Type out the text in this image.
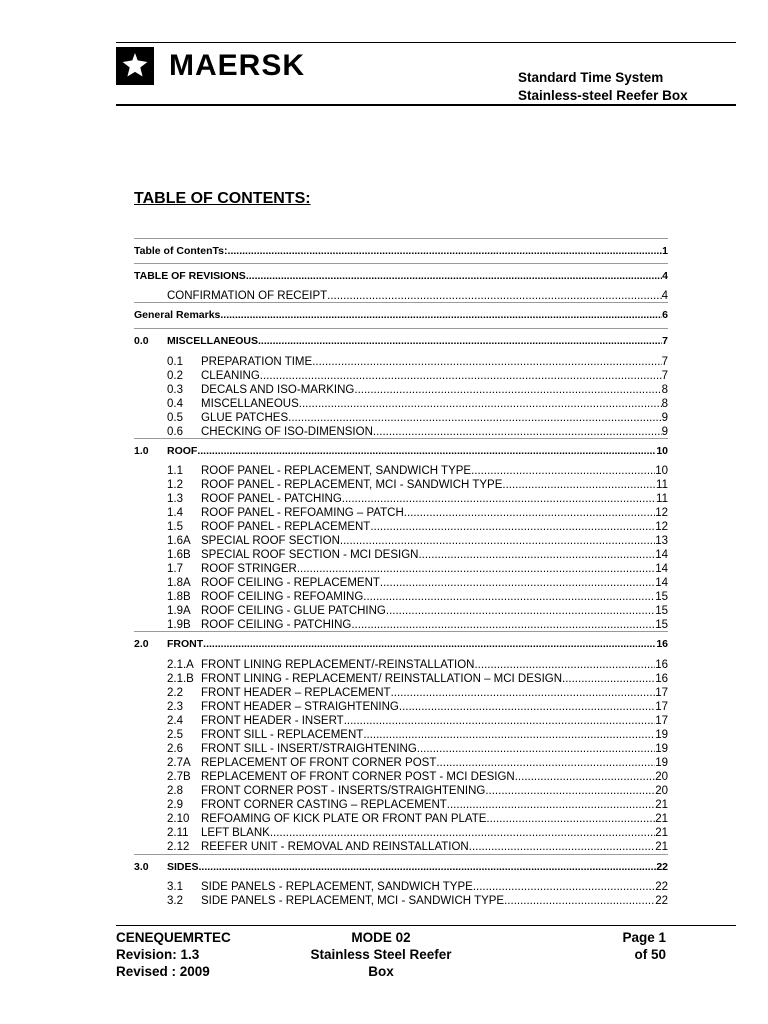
MAERSK	Standard Time System
Stainless-steel Reefer Box
TABLE OF CONTENTS:
Table of ContenTs: .....	1
TABLE OF REVISIONS .....	4
CONFIRMATION OF RECEIPT .....	4
General Remarks .....	6
0.0	MISCELLANEOUS .....	7
0.1	PREPARATION TIME .....	7
0.2	CLEANING .....	7
0.3	DECALS AND ISO-MARKING .....	8
0.4	MISCELLANEOUS .....	8
0.5	GLUE PATCHES .....	9
0.6	CHECKING OF ISO-DIMENSION .....	9
1.0	ROOF .....	10
1.1	ROOF PANEL - REPLACEMENT, SANDWICH TYPE .....	10
1.2	ROOF PANEL - REPLACEMENT, MCI - SANDWICH TYPE .....	11
1.3	ROOF PANEL - PATCHING .....	11
1.4	ROOF PANEL - REFOAMING – PATCH .....	12
1.5	ROOF PANEL - REPLACEMENT .....	12
1.6A SPECIAL ROOF SECTION .....	13
1.6B SPECIAL ROOF SECTION - MCI DESIGN .....	14
1.7	ROOF STRINGER .....	14
1.8A ROOF CEILING - REPLACEMENT .....	14
1.8B ROOF CEILING - REFOAMING .....	15
1.9A ROOF CEILING - GLUE PATCHING .....	15
1.9B ROOF CEILING - PATCHING .....	15
2.0	FRONT .....	16
2.1.A FRONT LINING REPLACEMENT/-REINSTALLATION .....	16
2.1.B FRONT LINING - REPLACEMENT/ REINSTALLATION – MCI DESIGN .....	16
2.2	FRONT HEADER – REPLACEMENT .....	17
2.3	FRONT HEADER – STRAIGHTENING .....	17
2.4	FRONT HEADER - INSERT .....	17
2.5	FRONT SILL - REPLACEMENT .....	19
2.6	FRONT SILL - INSERT/STRAIGHTENING .....	19
2.7A REPLACEMENT OF FRONT CORNER POST .....	19
2.7B REPLACEMENT OF FRONT CORNER POST - MCI DESIGN .....	20
2.8	FRONT CORNER POST - INSERTS/STRAIGHTENING .....	20
2.9	FRONT CORNER CASTING – REPLACEMENT .....	21
2.10	REFOAMING OF KICK PLATE OR FRONT PAN PLATE .....	21
2.11	LEFT BLANK .....	21
2.12	REEFER UNIT - REMOVAL AND REINSTALLATION .....	21
3.0	SIDES .....	22
3.1	SIDE PANELS - REPLACEMENT, SANDWICH TYPE .....	22
3.2	SIDE PANELS - REPLACEMENT, MCI - SANDWICH TYPE .....	22
CENEQUEMRTEC
Revision: 1.3
Revised : 2009
MODE 02
Stainless Steel Reefer Box
Page 1
of 50
